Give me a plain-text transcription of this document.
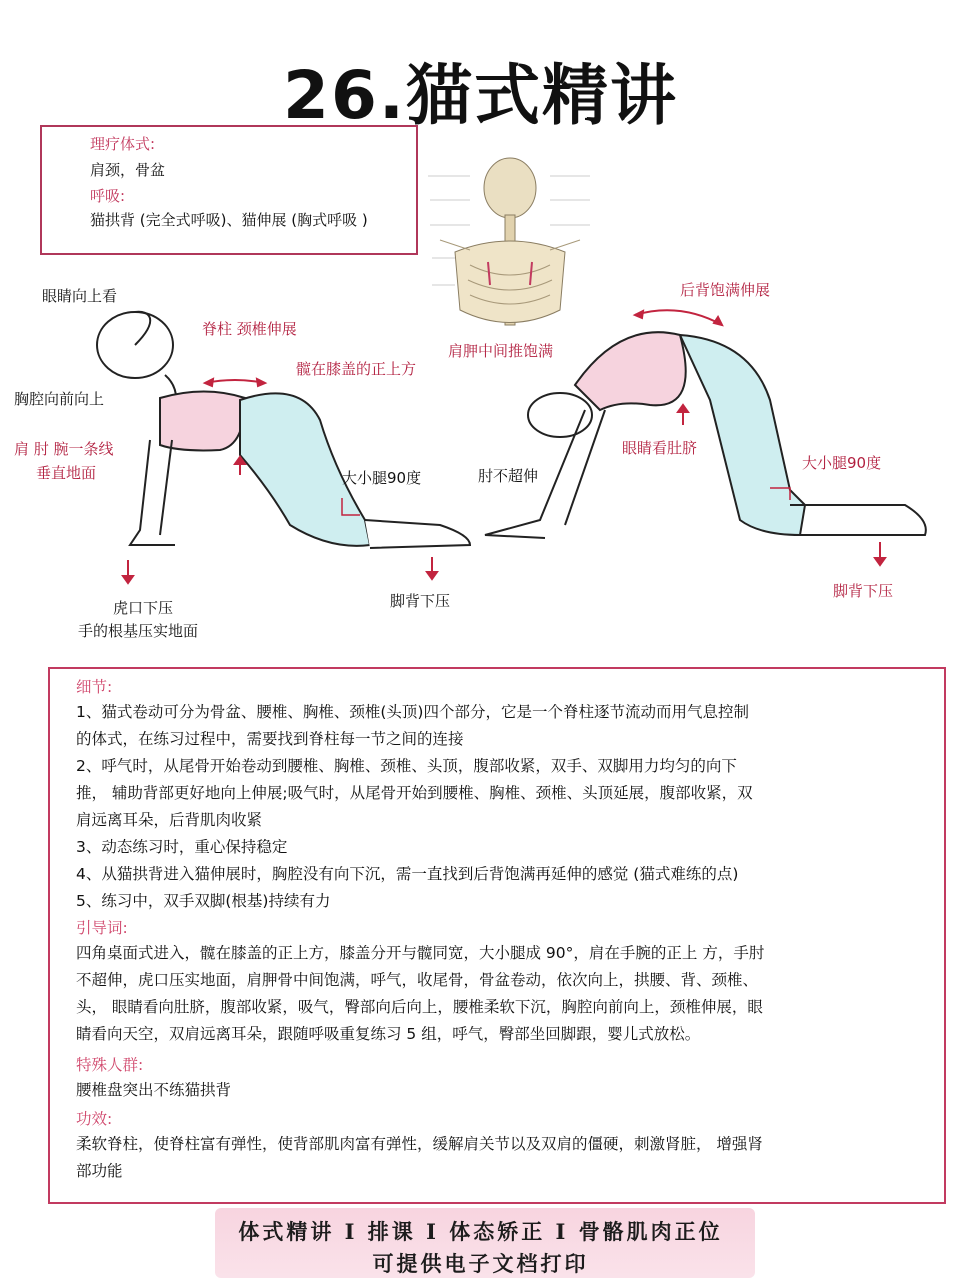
26.猫式精讲
理疗体式:
肩颈，骨盆
呼吸:
猫拱背 (完全式呼吸)、猫伸展 (胸式呼吸 )
眼睛向上看
脊柱 颈椎伸展
髋在膝盖的正上方
胸腔向前向上
肩 肘 腕一条线
垂直地面	大小腿90度
虎口下压
手的根基压实地面
脚背下压
肩胛中间推饱满
后背饱满伸展
肘不超伸
眼睛看肚脐
大小腿90度
脚背下压
细节:
1、猫式卷动可分为骨盆、腰椎、胸椎、颈椎(头顶)四个部分，它是一个脊柱逐节流动而用气息控制
的体式，在练习过程中，需要找到脊柱每一节之间的连接
2、呼气时，从尾骨开始卷动到腰椎、胸椎、颈椎、头顶，腹部收紧，双手、双脚用力均匀的向下
推， 辅助背部更好地向上伸展;吸气时，从尾骨开始到腰椎、胸椎、颈椎、头顶延展，腹部收紧，双
肩远离耳朵，后背肌肉收紧
3、动态练习时，重心保持稳定
4、从猫拱背进入猫伸展时，胸腔没有向下沉，需一直找到后背饱满再延伸的感觉 (猫式难练的点)
5、练习中，双手双脚(根基)持续有力
引导词:
四角桌面式进入，髋在膝盖的正上方，膝盖分开与髋同宽，大小腿成 90°，肩在手腕的正上 方，手肘
不超伸，虎口压实地面，肩胛骨中间饱满，呼气，收尾骨，骨盆卷动，依次向上，拱腰、背、颈椎、
头， 眼睛看向肚脐，腹部收紧，吸气，臀部向后向上，腰椎柔软下沉，胸腔向前向上，颈椎伸展，眼
睛看向天空，双肩远离耳朵，跟随呼吸重复练习 5 组，呼气，臀部坐回脚跟，婴儿式放松。
特殊人群:
腰椎盘突出不练猫拱背
功效:
柔软脊柱，使脊柱富有弹性，使背部肌肉富有弹性，缓解肩关节以及双肩的僵硬，刺激肾脏， 增强肾
部功能
体式精讲 I 排课 I 体态矫正 I 骨骼肌肉正位
可提供电子文档打印
